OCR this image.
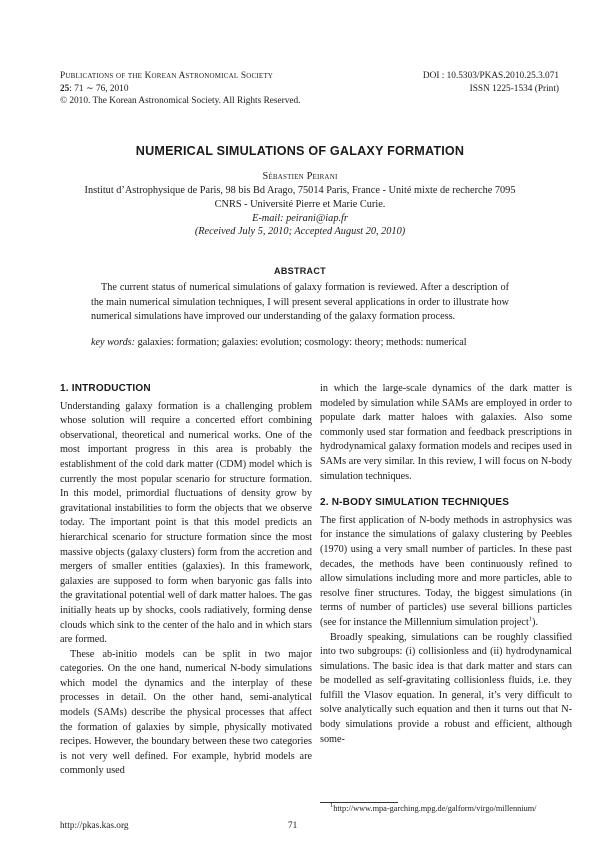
Publications of the Korean Astronomical Society
25: 71 ∼ 76, 2010
© 2010. The Korean Astronomical Society. All Rights Reserved.
DOI : 10.5303/PKAS.2010.25.3.071
ISSN 1225-1534 (Print)
NUMERICAL SIMULATIONS OF GALAXY FORMATION
Sébastien Peirani
Institut d’Astrophysique de Paris, 98 bis Bd Arago, 75014 Paris, France - Unité mixte de recherche 7095 CNRS - Université Pierre et Marie Curie.
E-mail: peirani@iap.fr
(Received July 5, 2010; Accepted August 20, 2010)
ABSTRACT
The current status of numerical simulations of galaxy formation is reviewed. After a description of the main numerical simulation techniques, I will present several applications in order to illustrate how numerical simulations have improved our understanding of the galaxy formation process.
key words: galaxies: formation; galaxies: evolution; cosmology: theory; methods: numerical
1. INTRODUCTION

Understanding galaxy formation is a challenging problem whose solution will require a concerted effort combining observational, theoretical and numerical works. One of the most important progress in this area is probably the establishment of the cold dark matter (CDM) model which is currently the most popular scenario for structure formation. In this model, primordial fluctuations of density grow by gravitational instabilities to form the objects that we observe today. The important point is that this model predicts an hierarchical scenario for structure formation since the most massive objects (galaxy clusters) form from the accretion and mergers of smaller entities (galaxies). In this framework, galaxies are supposed to form when baryonic gas falls into the gravitational potential well of dark matter haloes. The gas initially heats up by shocks, cools radiatively, forming dense clouds which sink to the center of the halo and in which stars are formed.

These ab-initio models can be split in two major categories. On the one hand, numerical N-body simulations which model the dynamics and the interplay of these processes in detail. On the other hand, semi-analytical models (SAMs) describe the physical processes that affect the formation of galaxies by simple, physically motivated recipes. However, the boundary between these two categories is not very well defined. For example, hybrid models are commonly used

in which the large-scale dynamics of the dark matter is modeled by simulation while SAMs are employed in order to populate dark matter haloes with galaxies. Also some commonly used star formation and feedback prescriptions in hydrodynamical galaxy formation models and recipes used in SAMs are very similar. In this review, I will focus on N-body simulation techniques.

2. N-BODY SIMULATION TECHNIQUES

The first application of N-body methods in astrophysics was for instance the simulations of galaxy clustering by Peebles (1970) using a very small number of particles. In these past decades, the methods have been continuously refined to allow simulations including more and more particles, able to resolve finer structures. Today, the biggest simulations (in terms of number of particles) use several billions particles (see for instance the Millennium simulation project$^1$).

Broadly speaking, simulations can be roughly classified into two subgroups: (i) collisionless and (ii) hydrodynamical simulations. The basic idea is that dark matter and stars can be modelled as self-gravitating collisionless fluids, i.e. they fulfill the Vlasov equation. In general, it’s very difficult to solve analytically such equation and then it turns out that N-body simulations provide a robust and efficient, although some-

$^1$http://www.mpa-garching.mpg.de/galform/virgo/millennium/
http://pkas.kas.org	71
